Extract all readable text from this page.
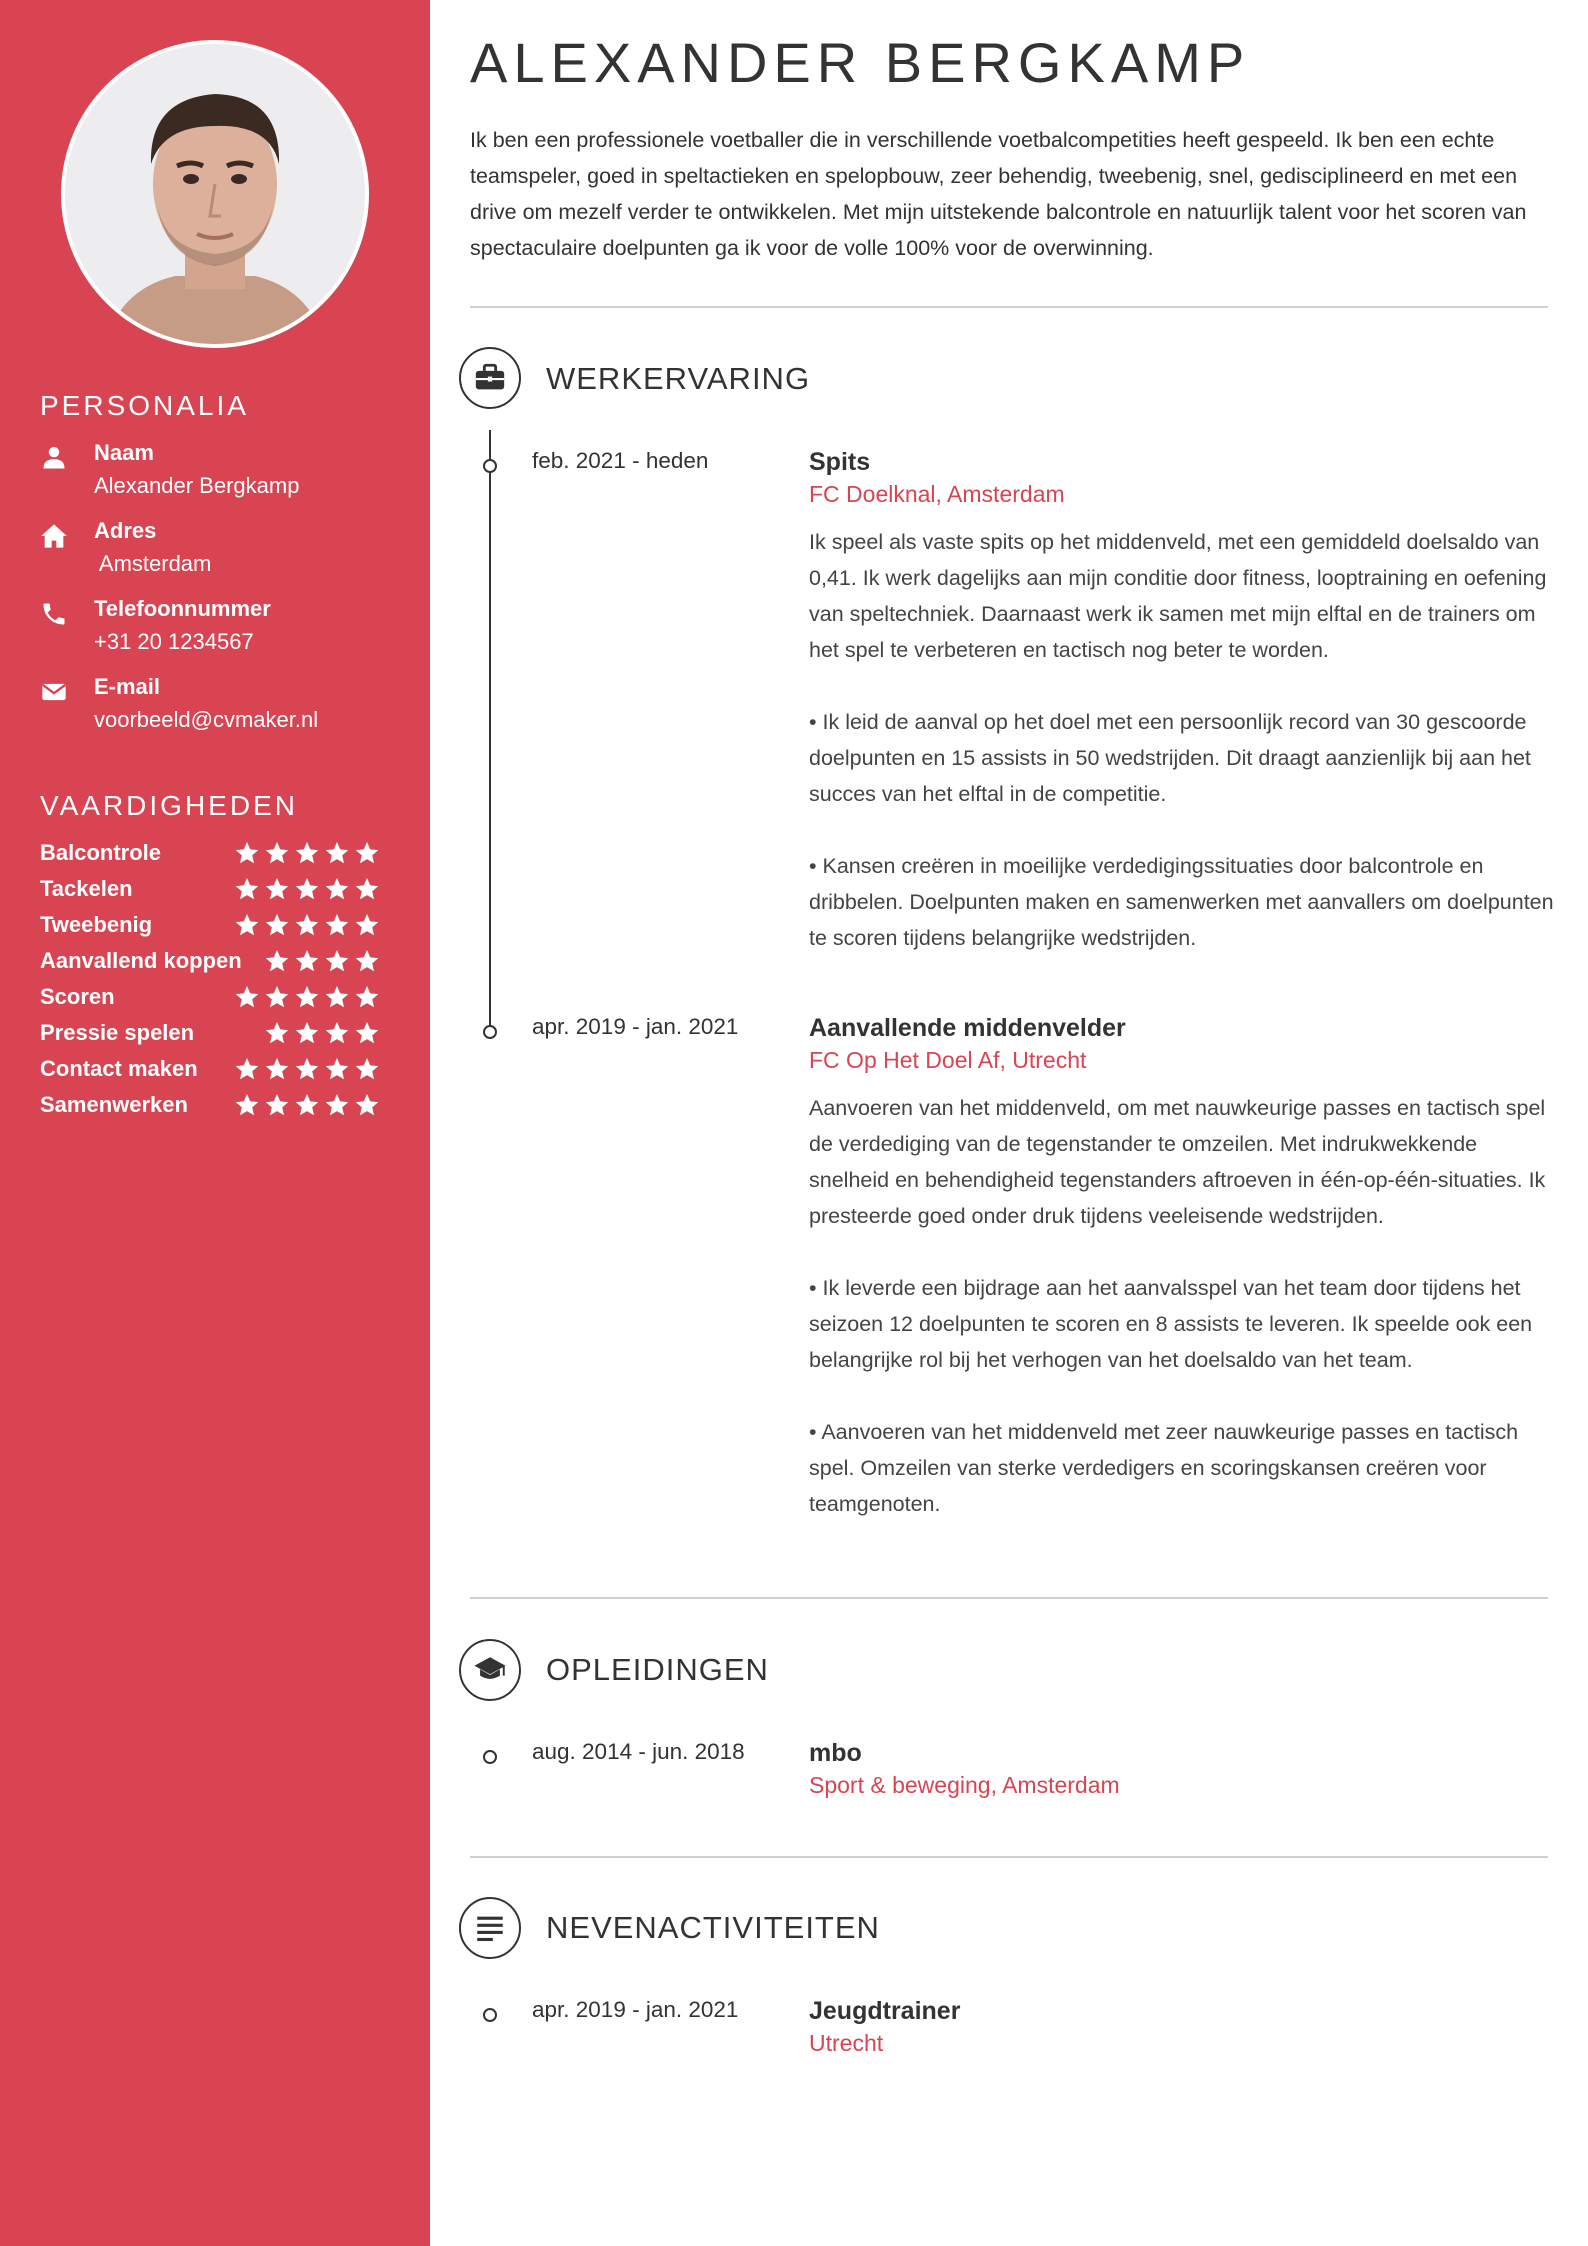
PERSONALIA
Naam
Alexander Bergkamp
Adres
Amsterdam
Telefoonnummer
+31 20 1234567
E-mail
voorbeeld@cvmaker.nl
VAARDIGHEDEN
Balcontrole
Tackelen
Tweebenig
Aanvallend koppen
Scoren
Pressie spelen
Contact maken
Samenwerken
ALEXANDER BERGKAMP
Ik ben een professionele voetballer die in verschillende voetbalcompetities heeft gespeeld. Ik ben een echte teamspeler, goed in speltactieken en spelopbouw, zeer behendig, tweebenig, snel, gedisciplineerd en met een drive om mezelf verder te ontwikkelen. Met mijn uitstekende balcontrole en natuurlijk talent voor het scoren van spectaculaire doelpunten ga ik voor de volle 100% voor de overwinning.
WERKERVARING
feb. 2021 - heden	Spits
FC Doelknal, Amsterdam

Ik speel als vaste spits op het middenveld, met een gemiddeld doelsaldo van 0,41. Ik werk dagelijks aan mijn conditie door fitness, looptraining en oefening van speltechniek. Daarnaast werk ik samen met mijn elftal en de trainers om het spel te verbeteren en tactisch nog beter te worden.

• Ik leid de aanval op het doel met een persoonlijk record van 30 gescoorde doelpunten en 15 assists in 50 wedstrijden. Dit draagt aanzienlijk bij aan het succes van het elftal in de competitie.

• Kansen creëren in moeilijke verdedigingssituaties door balcontrole en dribbelen. Doelpunten maken en samenwerken met aanvallers om doelpunten te scoren tijdens belangrijke wedstrijden.

apr. 2019 - jan. 2021	Aanvallende middenvelder
FC Op Het Doel Af, Utrecht

Aanvoeren van het middenveld, om met nauwkeurige passes en tactisch spel de verdediging van de tegenstander te omzeilen. Met indrukwekkende snelheid en behendigheid tegenstanders aftroeven in één-op-één-situaties. Ik presteerde goed onder druk tijdens veeleisende wedstrijden.

• Ik leverde een bijdrage aan het aanvalsspel van het team door tijdens het seizoen 12 doelpunten te scoren en 8 assists te leveren. Ik speelde ook een belangrijke rol bij het verhogen van het doelsaldo van het team.

• Aanvoeren van het middenveld met zeer nauwkeurige passes en tactisch spel. Omzeilen van sterke verdedigers en scoringskansen creëren voor teamgenoten.

OPLEIDINGEN
aug. 2014 - jun. 2018	mbo
Sport & beweging, Amsterdam
NEVENACTIVITEITEN
apr. 2019 - jan. 2021	Jeugdtrainer
Utrecht
